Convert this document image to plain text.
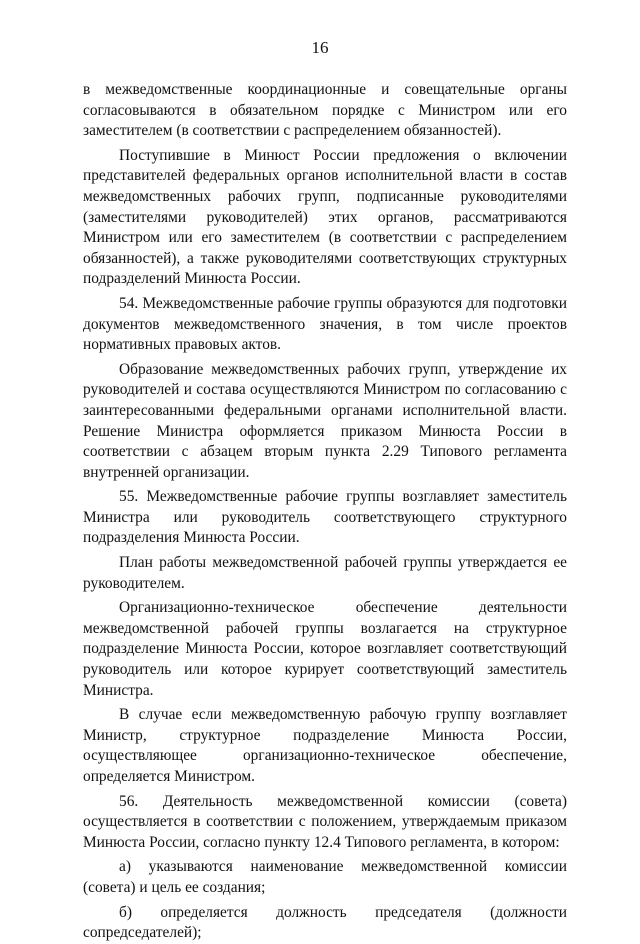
16

в межведомственные координационные и совещательные органы согласовываются в обязательном порядке с Министром или его заместителем (в соответствии с распределением обязанностей).

Поступившие в Минюст России предложения о включении представителей федеральных органов исполнительной власти в состав межведомственных рабочих групп, подписанные руководителями (заместителями руководителей) этих органов, рассматриваются Министром или его заместителем (в соответствии с распределением обязанностей), а также руководителями соответствующих структурных подразделений Минюста России.

54. Межведомственные рабочие группы образуются для подготовки документов межведомственного значения, в том числе проектов нормативных правовых актов.

Образование межведомственных рабочих групп, утверждение их руководителей и состава осуществляются Министром по согласованию с заинтересованными федеральными органами исполнительной власти. Решение Министра оформляется приказом Минюста России в соответствии с абзацем вторым пункта 2.29 Типового регламента внутренней организации.

55. Межведомственные рабочие группы возглавляет заместитель Министра или руководитель соответствующего структурного подразделения Минюста России.

План работы межведомственной рабочей группы утверждается ее руководителем.

Организационно-техническое обеспечение деятельности межведомственной рабочей группы возлагается на структурное подразделение Минюста России, которое возглавляет соответствующий руководитель или которое курирует соответствующий заместитель Министра.

В случае если межведомственную рабочую группу возглавляет Министр, структурное подразделение Минюста России, осуществляющее организационно-техническое обеспечение, определяется Министром.

56. Деятельность межведомственной комиссии (совета) осуществляется в соответствии с положением, утверждаемым приказом Минюста России, согласно пункту 12.4 Типового регламента, в котором:

а) указываются наименование межведомственной комиссии (совета) и цель ее создания;

б) определяется должность председателя (должности сопредседателей);
